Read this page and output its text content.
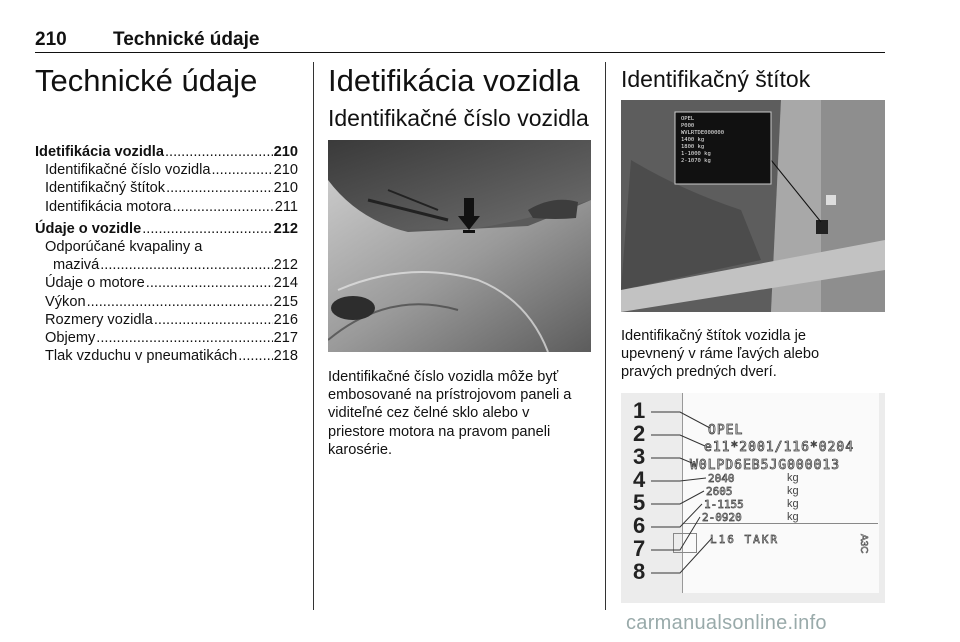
210 Technické údaje
Technické údaje
Idetifikácia vozidla .....	210
Identifikačné číslo vozidla .....	210
Identifikačný štítok .....	210
Identifikácia motora .....	211
Údaje o vozidle .....	212
Odporúčané kvapaliny a
mazivá .....	212
Údaje o motore .....	214
Výkon .....	215
Rozmery vozidla .....	216
Objemy .....	217
Tlak vzduchu v pneumatikách ..... 218
Idetifikácia vozidla
Identifikačné číslo vozidla

Identifikačné číslo vozidla môže byť

embosované na prístrojovom paneli a

viditeľné cez čelné sklo alebo v

priestore motora na pravom paneli

karosérie.

Identifikačný štítok
OPEL
P000
WVLRTDE000000
1400 kg
1800 kg
1-1000 kg
2-1070 kg

Identifikačný štítok vozidla je

upevnený v ráme ľavých alebo

pravých predných dverí.

OPEL
e11*2001/116*0204
W0LPD6EB5JG000013
2040	kg
2605	kg
1-1155	kg
2-0920	kg
L16 TAKR	A3C
1
2
3
4
5
6
7
8
carmanualsonline.info
